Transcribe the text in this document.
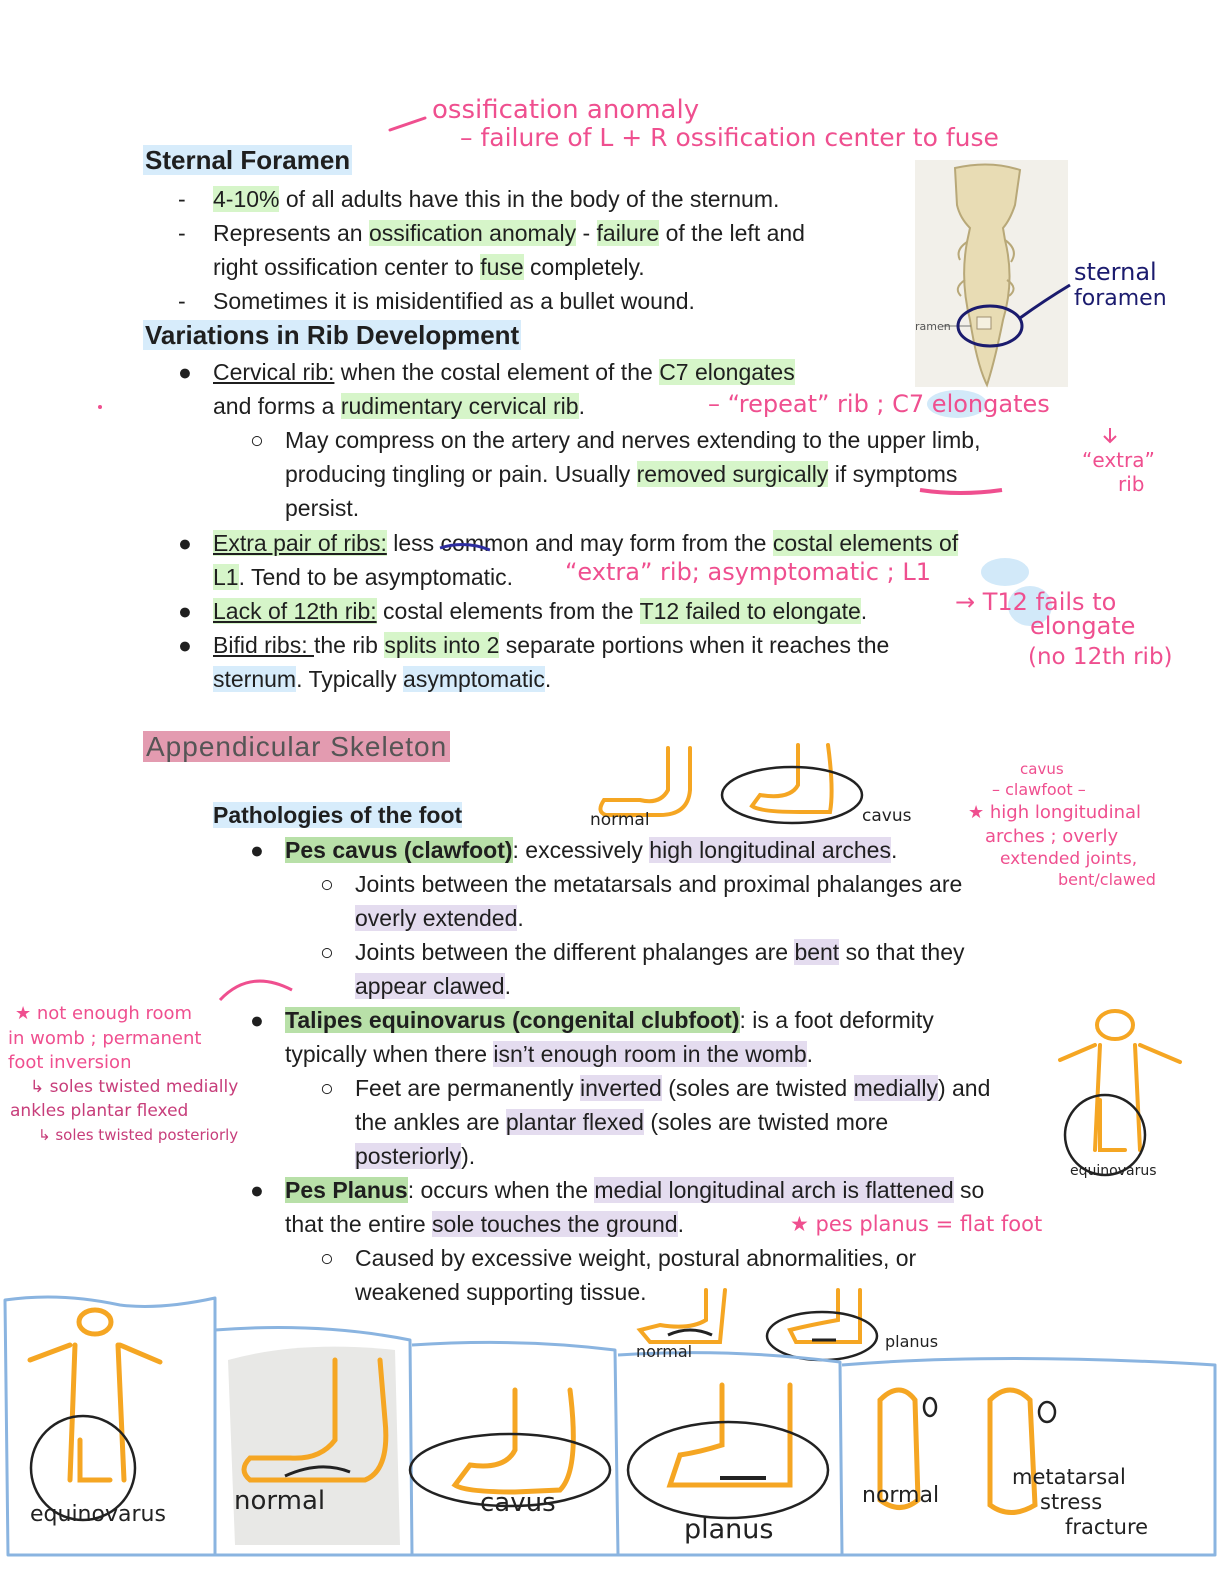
Sternal Foramen
- 4-10% of all adults have this in the body of the sternum.
- Represents an ossification anomaly - failure of the left and
right ossification center to fuse completely.
- Sometimes it is misidentified as a bullet wound.
ramen
Variations in Rib Development
● Cervical rib: when the costal element of the C7 elongates
and forms a rudimentary cervical rib.
○ May compress on the artery and nerves extending to the upper limb,
producing tingling or pain. Usually removed surgically if symptoms
persist.
● Extra pair of ribs: less common and may form from the costal elements of
L1. Tend to be asymptomatic.
● Lack of 12th rib: costal elements from the T12 failed to elongate.
● Bifid ribs: the rib splits into 2 separate portions when it reaches the
sternum. Typically asymptomatic.
Appendicular Skeleton
Pathologies of the foot
● Pes cavus (clawfoot): excessively high longitudinal arches.
○ Joints between the metatarsals and proximal phalanges are
overly extended.
○ Joints between the different phalanges are bent so that they
appear clawed.
● Talipes equinovarus (congenital clubfoot): is a foot deformity
typically when there isn’t enough room in the womb.
○ Feet are permanently inverted (soles are twisted medially) and
the ankles are plantar flexed (soles are twisted more
posteriorly).
● Pes Planus: occurs when the medial longitudinal arch is flattened so
that the entire sole touches the ground.
○ Caused by excessive weight, postural abnormalities, or
weakened supporting tissue.
ossification anomaly
– failure of L + R ossification center to fuse
sternal
foramen
– “repeat” rib ; C7 elongates
“extra”
rib
“extra” rib; asymptomatic ; L1
→ T12 fails to
elongate
(no 12th rib)
normal	cavus
cavus
– clawfoot –
★ high longitudinal
arches ; overly
extended joints,
bent/clawed
★ not enough room
in womb ; permanent
foot inversion
↳ soles twisted medially
ankles plantar flexed
↳ soles twisted posteriorly
equinovarus
★ pes planus = flat foot
normal
planus
equinovarus	normal	cavus
planus
normal
metatarsal
stress
fracture
